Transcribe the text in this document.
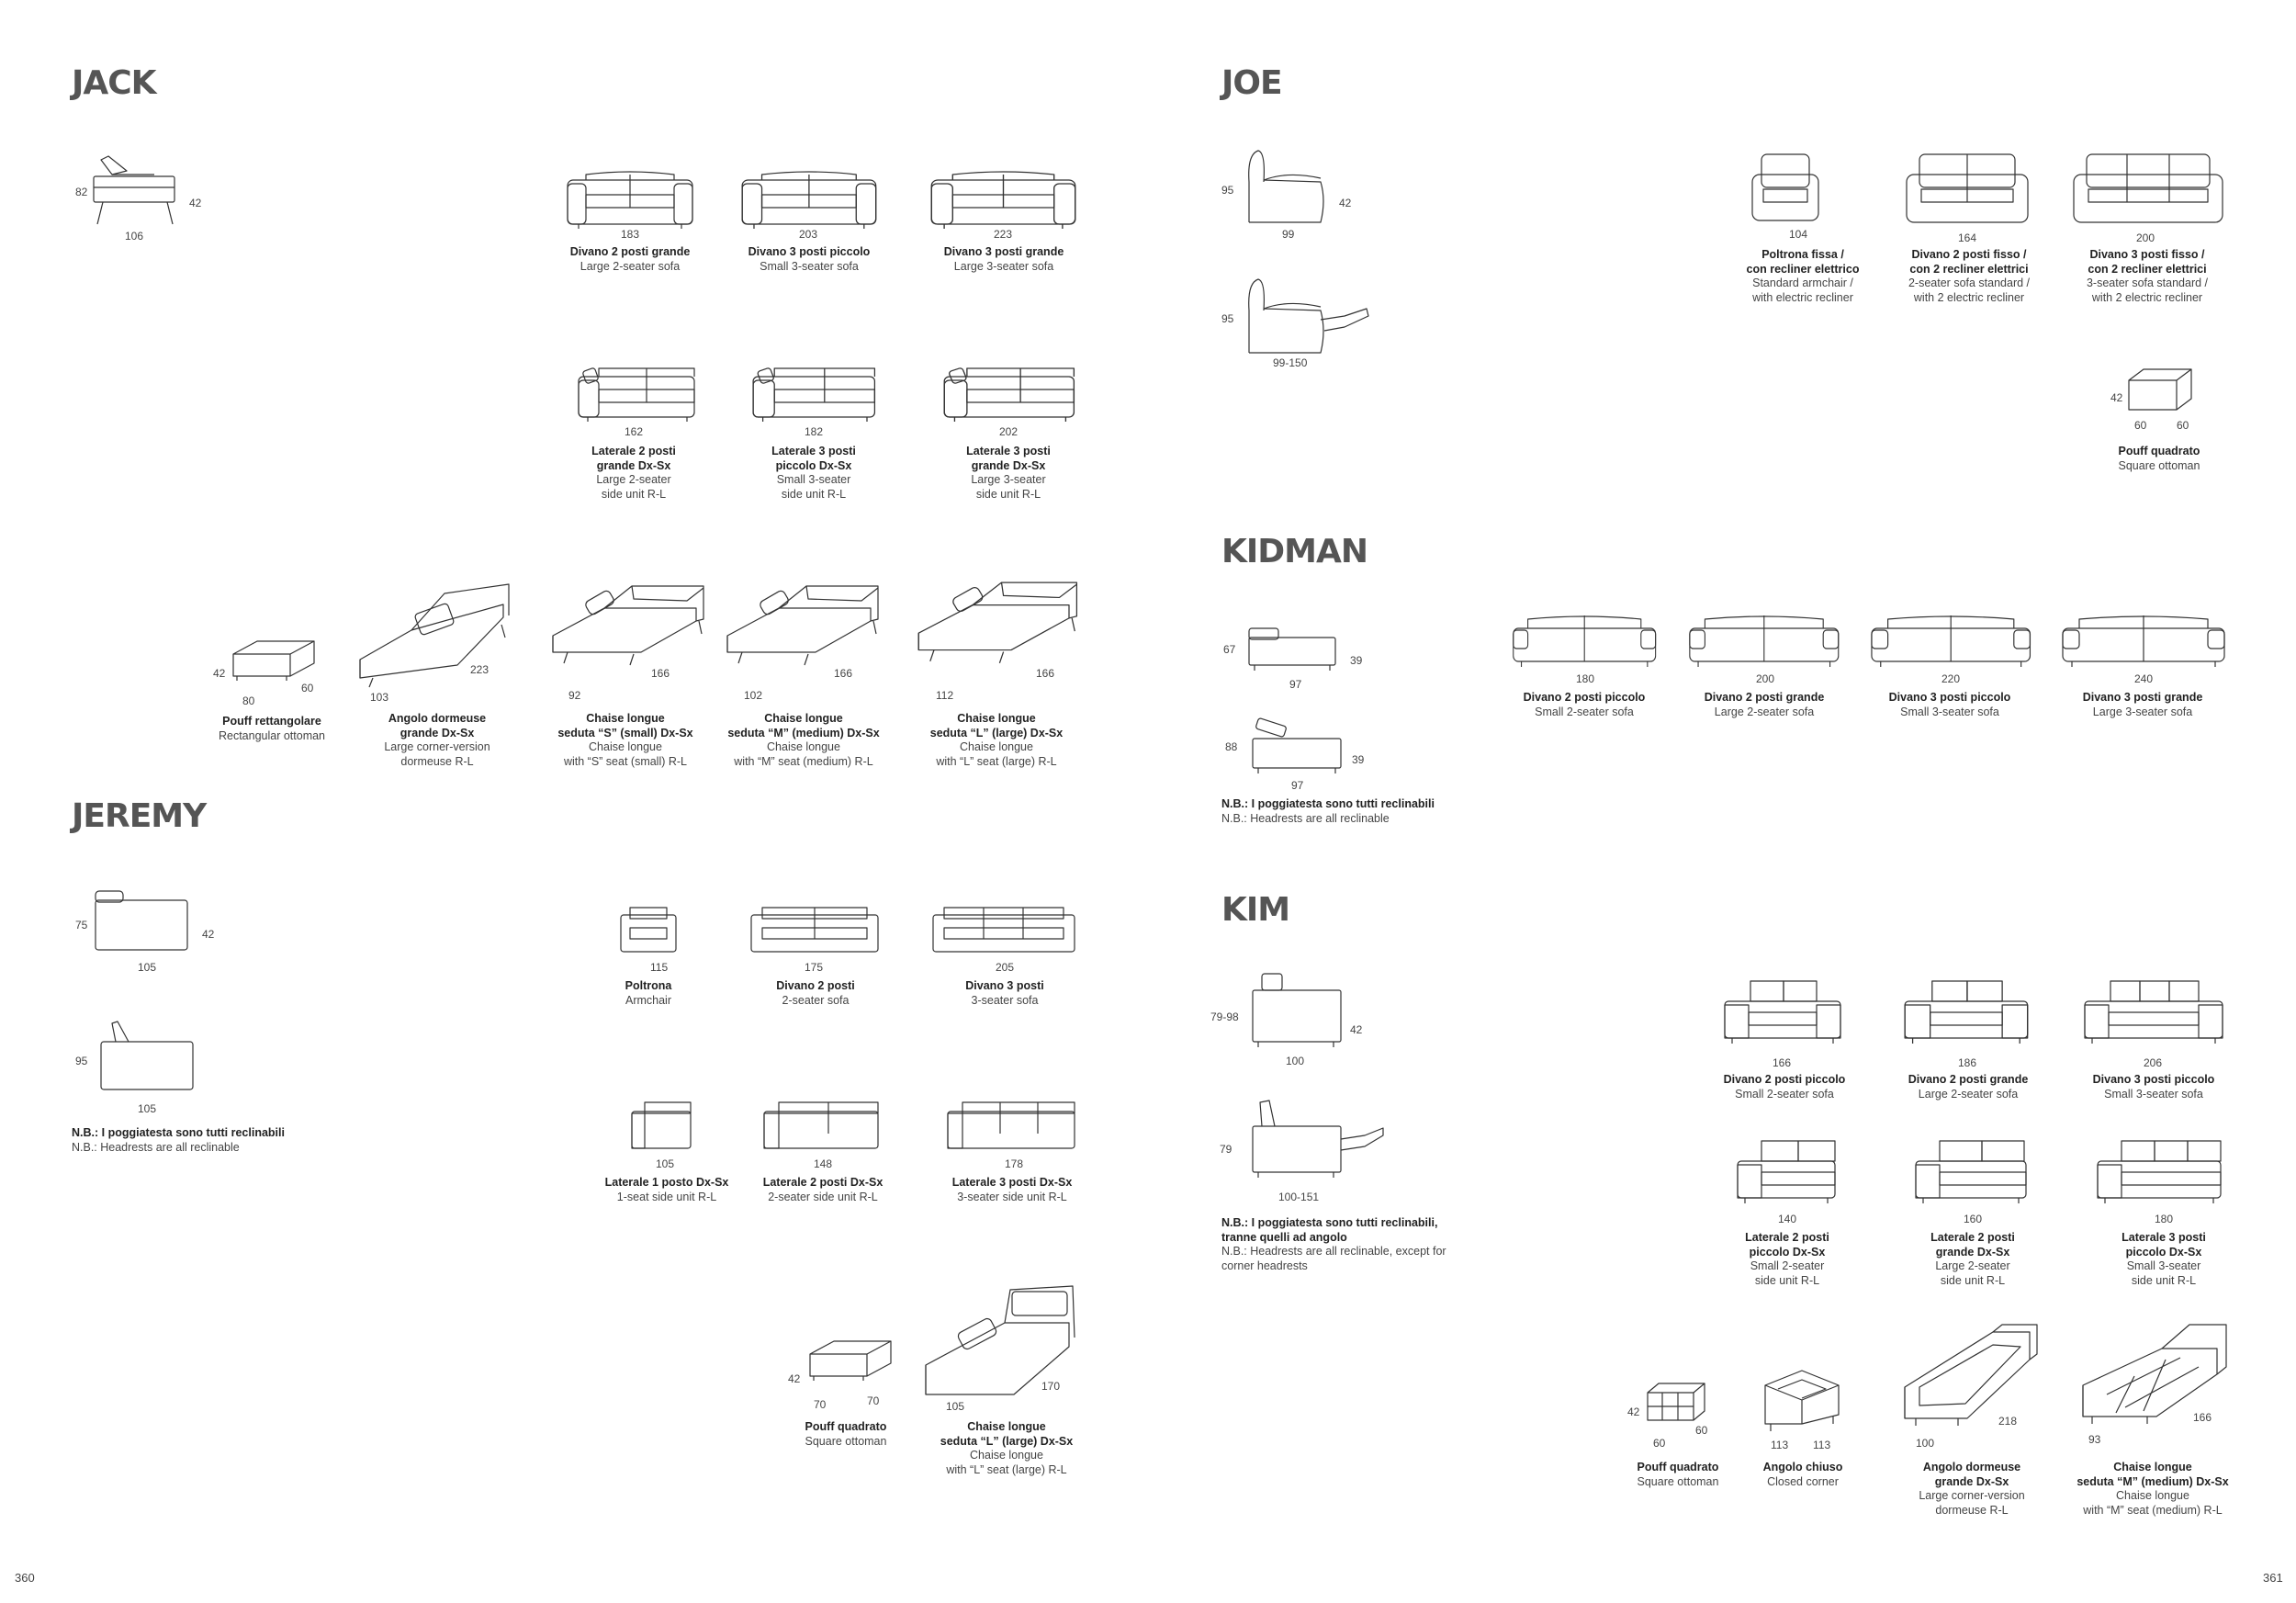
JACK
82
42
106	183
Divano 2 posti grande
Large 2-seater sofa
203
Divano 3 posti piccolo
Small 3-seater sofa
223
Divano 3 posti grande
Large 3-seater sofa
162
Laterale 2 posti
grande Dx-Sx
Large 2-seater
side unit R-L
182
Laterale 3 posti
piccolo Dx-Sx
Small 3-seater
side unit R-L
202
Laterale 3 posti
grande Dx-Sx
Large 3-seater
side unit R-L
42
80
60
Pouff rettangolare
Rectangular ottoman
103
223
Angolo dormeuse
grande Dx-Sx
Large corner-version
dormeuse R-L
92
166
Chaise longue
seduta “S” (small) Dx-Sx
Chaise longue
with “S” seat (small) R-L
102
166
Chaise longue
seduta “M” (medium) Dx-Sx
Chaise longue
with “M” seat (medium) R-L
112
166
Chaise longue
seduta “L” (large) Dx-Sx
Chaise longue
with “L” seat (large) R-L
JEREMY
75
42
105
95
105
N.B.: I poggiatesta sono tutti reclinabili
N.B.: Headrests are all reclinable
115
Poltrona
Armchair
175
Divano 2 posti
2-seater sofa
205
Divano 3 posti
3-seater sofa
105
Laterale 1 posto Dx-Sx
1-seat side unit R-L
148
Laterale 2 posti Dx-Sx
2-seater side unit R-L
178
Laterale 3 posti Dx-Sx
3-seater side unit R-L
42
70	70
Pouff quadrato
Square ottoman
105
170
Chaise longue
seduta “L” (large) Dx-Sx
Chaise longue
with “L” seat (large) R-L
JOE
95
42
99
95
99-150
104
Poltrona fissa /
con recliner elettrico
Standard armchair /
with electric recliner
164
Divano 2 posti fisso /
con 2 recliner elettrici
2-seater sofa standard /
with 2 electric recliner
200
Divano 3 posti fisso /
con 2 recliner elettrici
3-seater sofa standard /
with 2 electric recliner
42
60	60
Pouff quadrato
Square ottoman
KIDMAN
67
39
97
88
39
97
N.B.: I poggiatesta sono tutti reclinabili
N.B.: Headrests are all reclinable
180
Divano 2 posti piccolo
Small 2-seater sofa
200
Divano 2 posti grande
Large 2-seater sofa
220
Divano 3 posti piccolo
Small 3-seater sofa
240
Divano 3 posti grande
Large 3-seater sofa
KIM
79-98
42
100
79
100-151
N.B.: I poggiatesta sono tutti reclinabili,
tranne quelli ad angolo
N.B.: Headrests are all reclinable, except for
corner headrests
166
Divano 2 posti piccolo
Small 2-seater sofa
186
Divano 2 posti grande
Large 2-seater sofa
206
Divano 3 posti piccolo
Small 3-seater sofa
140
Laterale 2 posti
piccolo Dx-Sx
Small 2-seater
side unit R-L
160
Laterale 2 posti
grande Dx-Sx
Large 2-seater
side unit R-L
180
Laterale 3 posti
piccolo Dx-Sx
Small 3-seater
side unit R-L
42
60
60
Pouff quadrato
Square ottoman
113 113
Angolo chiuso
Closed corner
100
218
Angolo dormeuse
grande Dx-Sx
Large corner-version
dormeuse R-L
93
166
Chaise longue
seduta “M” (medium) Dx-Sx
Chaise longue
with “M” seat (medium) R-L
360	361
